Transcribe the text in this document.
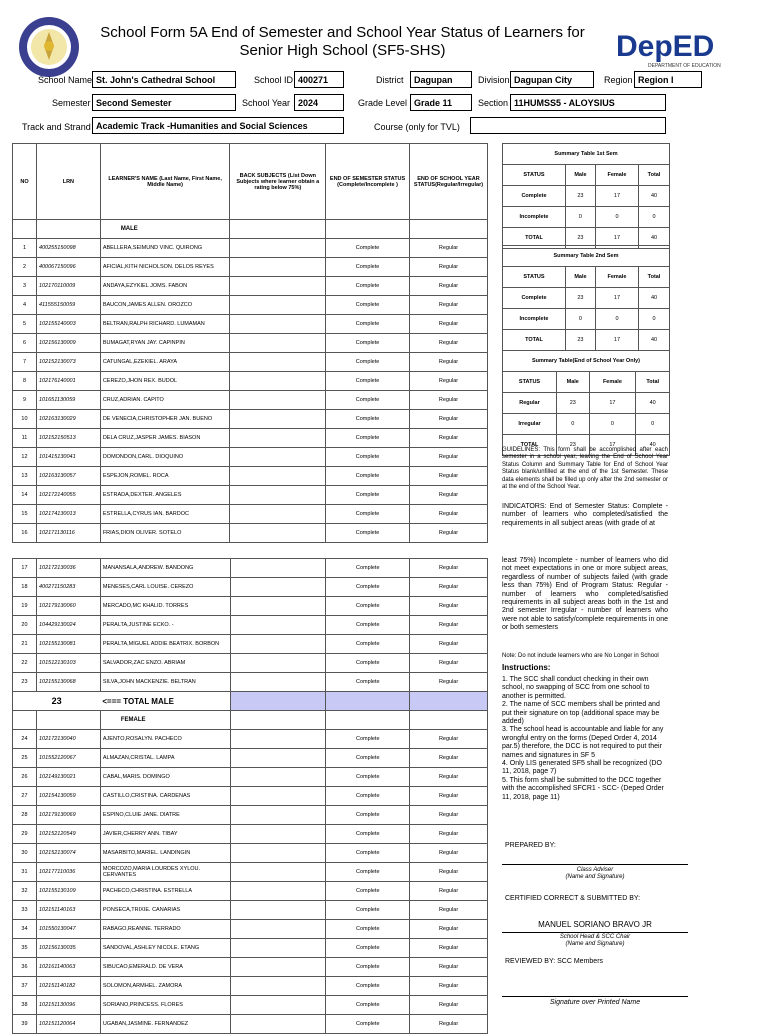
School Form 5A End of Semester and School Year Status of Learners for
Senior High School (SF5-SHS)	DepED
DEPARTMENT OF EDUCATION
School Name St. John's Cathedral School	School ID 400271	District	Dagupan	Division Dagupan City	Region Region I
Semester Second Semester	School Year 2024	Grade Level Grade 11	Section 11HUMSS5 - ALOYSIUS
Track and Strand Academic Track -Humanities and Social Sciences	Course (only for TVL)
NO	LRN	LEARNER'S NAME (Last Name, First Name, Middle Name)	BACK SUBJECTS (List Down Subjects where learner obtain a rating below 75%)	END OF SEMESTER STATUS (Complete/Incomplete )	END OF SCHOOL YEAR STATUS(Regular/Irregular)
		MALE			
1	400255150098	ABELLERA,SEIMUND VINC. QUIRONG		Complete	Regular
2	400067150096	AFICIAL,KITH NICHOLSON. DELOS REYES		Complete	Regular
3	102170110009	ANDAYA,EZYKIEL JOMS. FABON		Complete	Regular
4	411555150059	BAUCON,JAMES ALLEN. OROZCO		Complete	Regular
5	102155140003	BELTRAN,RALPH RICHARD. LUMAMAN		Complete	Regular
6	102156130009	BUMAGAT,RYAN JAY. CAPINPIN		Complete	Regular
7	102152130073	CATUNGAL,EZEKIEL. ARAYA		Complete	Regular
8	102176140001	CEREZO,JHON REX. BUDOL		Complete	Regular
9	101651130059	CRUZ,ADRIAN. CAPITO		Complete	Regular
10	102163130029	DE VENECIA,CHRISTOPHER JAN. BUENO		Complete	Regular
11	102152150513	DELA CRUZ,JASPER JAMES. BIASON		Complete	Regular
12	101415130041	DOMONDON,CARL. DIOQUINO		Complete	Regular
13	102163130057	ESPEJON,ROMEL. ROCA		Complete	Regular
14	102172140055	ESTRADA,DEXTER. ANGELES		Complete	Regular
15	102174130013	ESTRELLA,CYRUS IAN. BARDOC		Complete	Regular
16	102171130116	FRIAS,DION OLIVER. SOTELO		Complete	Regular
17	102172130036	MANANSALA,ANDREW. BANDONG		Complete	Regular
18	400271150283	MENESES,CARL LOUISE. CEREZO		Complete	Regular
19	102179130060	MERCADO,MC KHALID. TORRES		Complete	Regular
20	104429130024	PERALTA,JUSTINE ECKO. -		Complete	Regular
21	102155130081	PERALTA,MIGUEL ADDIE BEATRIX. BORBON		Complete	Regular
22	101512130103	SALVADOR,ZAC ENZO. ABRIAM		Complete	Regular
23	102155130068	SILVA,JOHN MACKENZIE. BELTRAN		Complete	Regular
23		<=== TOTAL MALE			
		FEMALE			
24	102172130040	AJENTO,ROSALYN. PACHECO		Complete	Regular
25	101552120067	ALMAZAN,CRISTAL. LAMPA		Complete	Regular
26	102149130021	CABAL,MARIS. DOMINGO		Complete	Regular
27	102154130059	CASTILLO,CRISTINA. CARDENAS		Complete	Regular
28	102179130069	ESPINO,CLUIE JANE. DIATRE		Complete	Regular
29	102152120549	JAVIER,CHERRY ANN. TIBAY		Complete	Regular
30	102152130074	MASARBITO,MARIEL. LANDINGIN		Complete	Regular
31	102177110036	MORCOZO,MARIA LOURDES XYLOU. CERVANTES		Complete	Regular
32	102155130109	PACHECO,CHRISTINA. ESTRELLA		Complete	Regular
33	102151140163	PONSECA,TRIXIE. CANARIAS		Complete	Regular
34	101550130047	RABAGO,REANNE. TERRADO		Complete	Regular
35	102156130035	SANDOVAL,ASHLEY NICOLE. ETANG		Complete	Regular
36	102161140063	SIBUCAO,EMERALD. DE VERA		Complete	Regular
37	102151140182	SOLOMON,ARMHEL. ZAMORA		Complete	Regular
38	102151130096	SORIANO,PRINCESS. FLORES		Complete	Regular
39	102151120064	UGABAN,JASMINE. FERNANDEZ		Complete	Regular
Summary Table 1st Sem			
STATUS	Male	Female	Total
Complete	23	17	40
Incomplete	0	0	0
TOTAL	23	17	40
Summary Table 2nd Sem			
STATUS	Male	Female	Total
Complete	23	17	40
Incomplete	0	0	0
TOTAL	23	17	40
Summary Table(End of School Year Only)			
STATUS	Male	Female	Total
Regular	23	17	40
Irregular	0	0	0
TOTAL	23	17	40
GUIDELINES: This form shall be accomplished after each semester in a school year, leaving the End of School Year Status Column and Summary Table for End of School Year Status blank/unfilled at the end of the 1st Semester. These data elements shall be filled up only after the 2nd semester or at the end of the School Year.
INDICATORS: End of Semester Status: Complete - number of learners who completed/satisfied the requirements in all subject areas (with grade of at
least 75%) Incomplete - number of learners who did not meet expectations in one or more subject areas, regardless of number of subjects failed (with grade less than 75%) End of Program Status: Regular - number of learners who completed/satisfied requirements in all subject areas both in the 1st and 2nd semester Irregular - number of learners who were not able to satisfy/complete requirements in one or both semesters
Note: Do not include learners who are No Longer in School
Instructions:
1. The SCC shall conduct checking in their own school, no swapping of SCC from one school to another is permitted.
2. The name of SCC members shall be printed and put their signature on top (additional space may be added)
3. The school head is accountable and liable for any wrongful entry on the forms (Deped Order 4, 2014 par.5) therefore, the DCC is not required to put their names and signatures in SF 5
4. Only LIS generated SF5 shall be recognized (DO 11, 2018, page 7)
5. This form shall be submitted to the DCC together with the accomplished SFCR1 - SCC- (Deped Order 11, 2018, page 11)
PREPARED BY:
Class Adviser
(Name and Signature)
CERTIFIED CORRECT & SUBMITTED BY:
MANUEL SORIANO BRAVO JR
School Head & SCC Chair
(Name and Signature)
REVIEWED BY: SCC Members
Signature over Printed Name
